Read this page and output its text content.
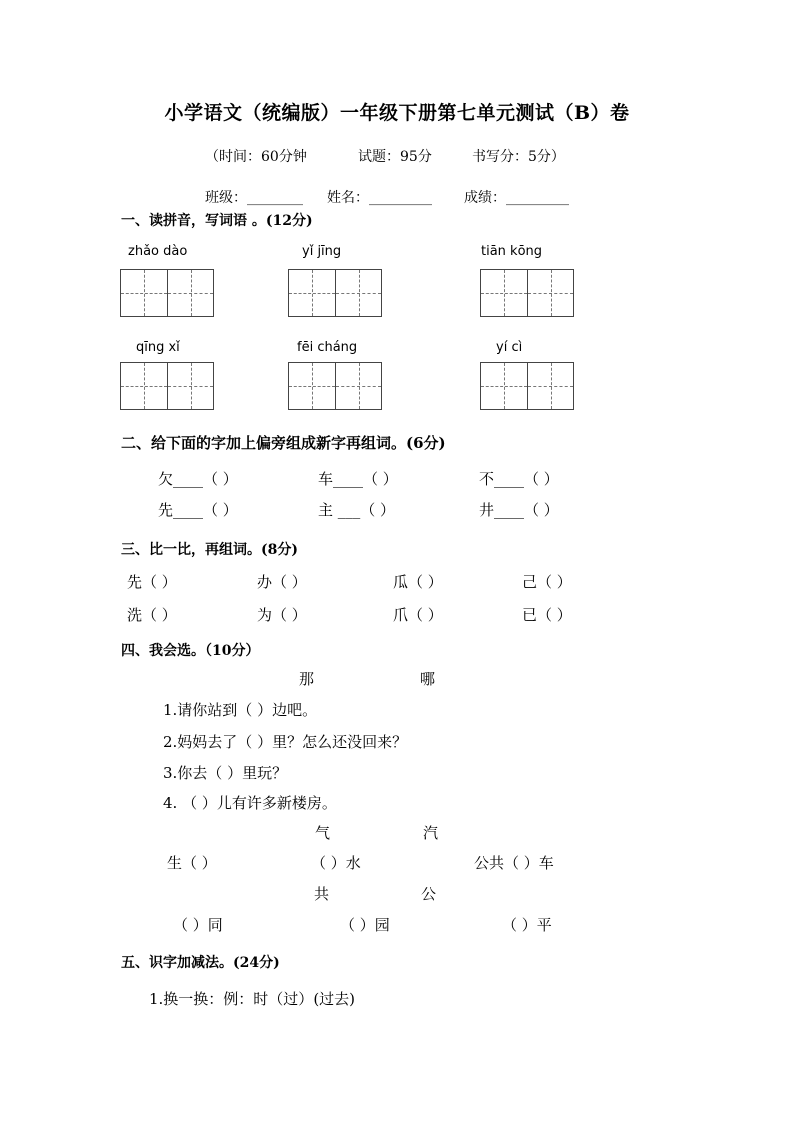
小学语文（统编版）一年级下册第七单元测试（B）卷
（时间：60分钟	试题：95分	书写分：5分）
班级：________ 姓名：_________ 成绩：_________
一、读拼音，写词语 。(12分)
zhǎo dào	yǐ jīng	tiān kōng
qīng xǐ	fēi cháng	yí cì
二、给下面的字加上偏旁组成新字再组词。(6分)
欠____（ ）	车____（ ）	不____（ ）
先____（ ）	主 ___（ ）	井____（ ）
三、比一比，再组词。(8分)
先（ ）	办（ ）	瓜（ ）	己（ ）
洗（ ）	为（ ）	爪（ ）	已（ ）
四、我会选。（10分）
那	哪
1.请你站到（ ）边吧。
2.妈妈去了（ ）里？怎么还没回来？
3.你去（ ）里玩？
4. （ ）儿有许多新楼房。
气	汽
生（ ）	（ ）水	公共（ ）车
共	公
（ ）同	（ ）园	（ ）平
五、识字加减法。(24分)
1.换一换：例：时（过）(过去)
